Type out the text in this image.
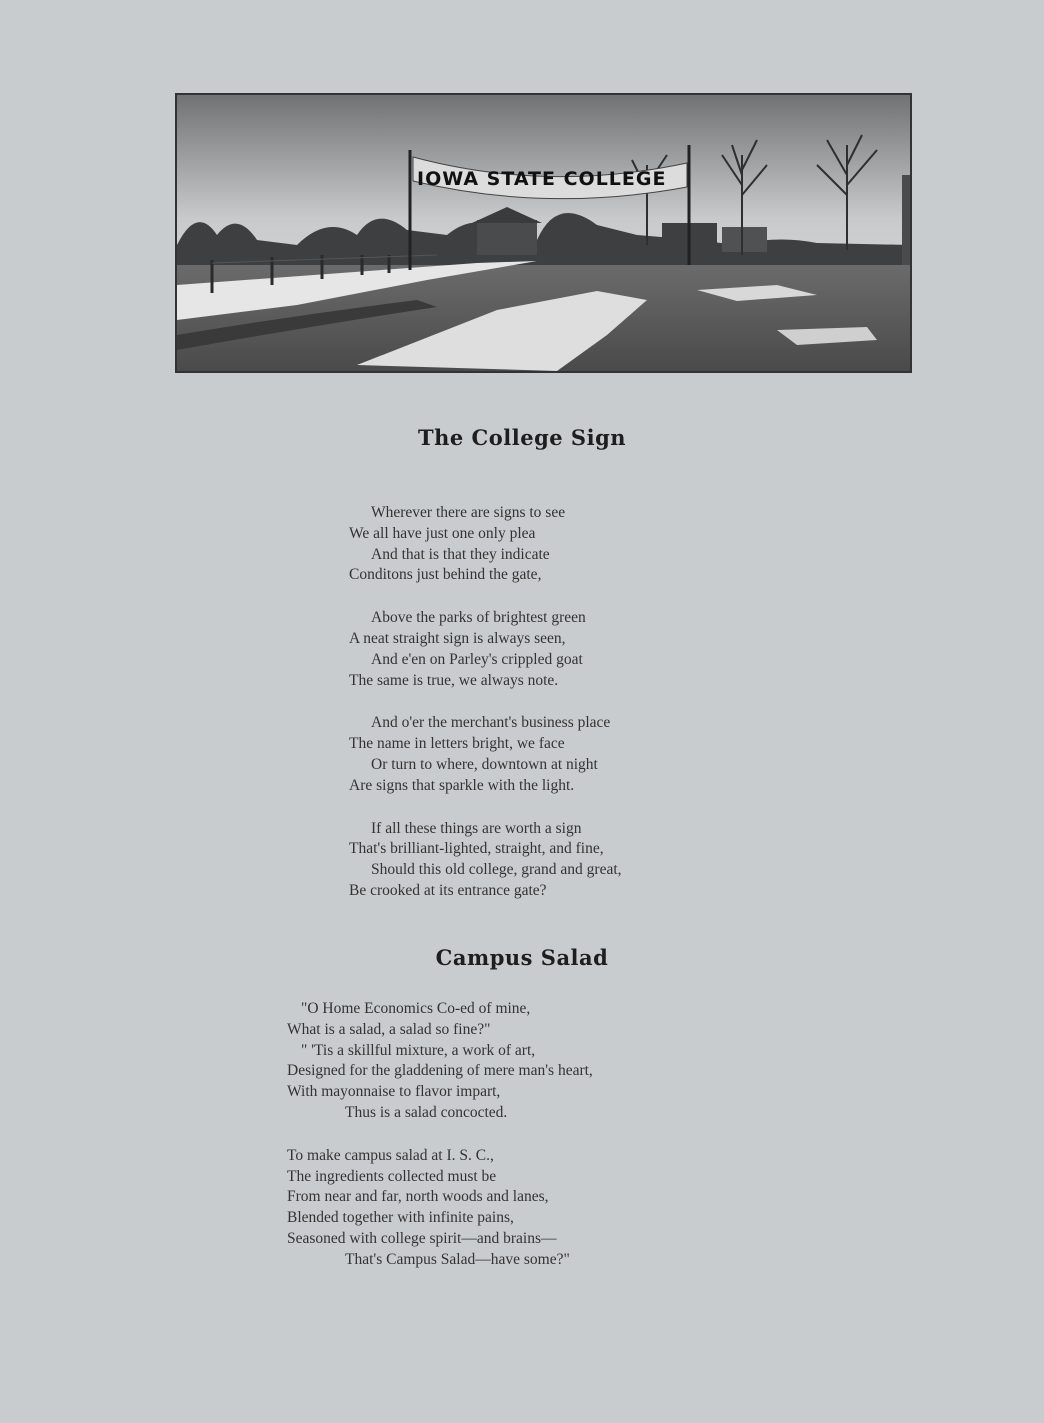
IOWA STATE COLLEGE
The College Sign
Wherever there are signs to see
We all have just one only plea
And that is that they indicate
Conditons just behind the gate,
Above the parks of brightest green
A neat straight sign is always seen,
And e'en on Parley's crippled goat
The same is true, we always note.
And o'er the merchant's business place
The name in letters bright, we face
Or turn to where, downtown at night
Are signs that sparkle with the light.
If all these things are worth a sign
That's brilliant-lighted, straight, and fine,
Should this old college, grand and great,
Be crooked at its entrance gate?
Campus Salad
"O Home Economics Co-ed of mine,
What is a salad, a salad so fine?"
" 'Tis a skillful mixture, a work of art,
Designed for the gladdening of mere man's heart,
With mayonnaise to flavor impart,
Thus is a salad concocted.
To make campus salad at I. S. C.,
The ingredients collected must be
From near and far, north woods and lanes,
Blended together with infinite pains,
Seasoned with college spirit—and brains—
That's Campus Salad—have some?"
